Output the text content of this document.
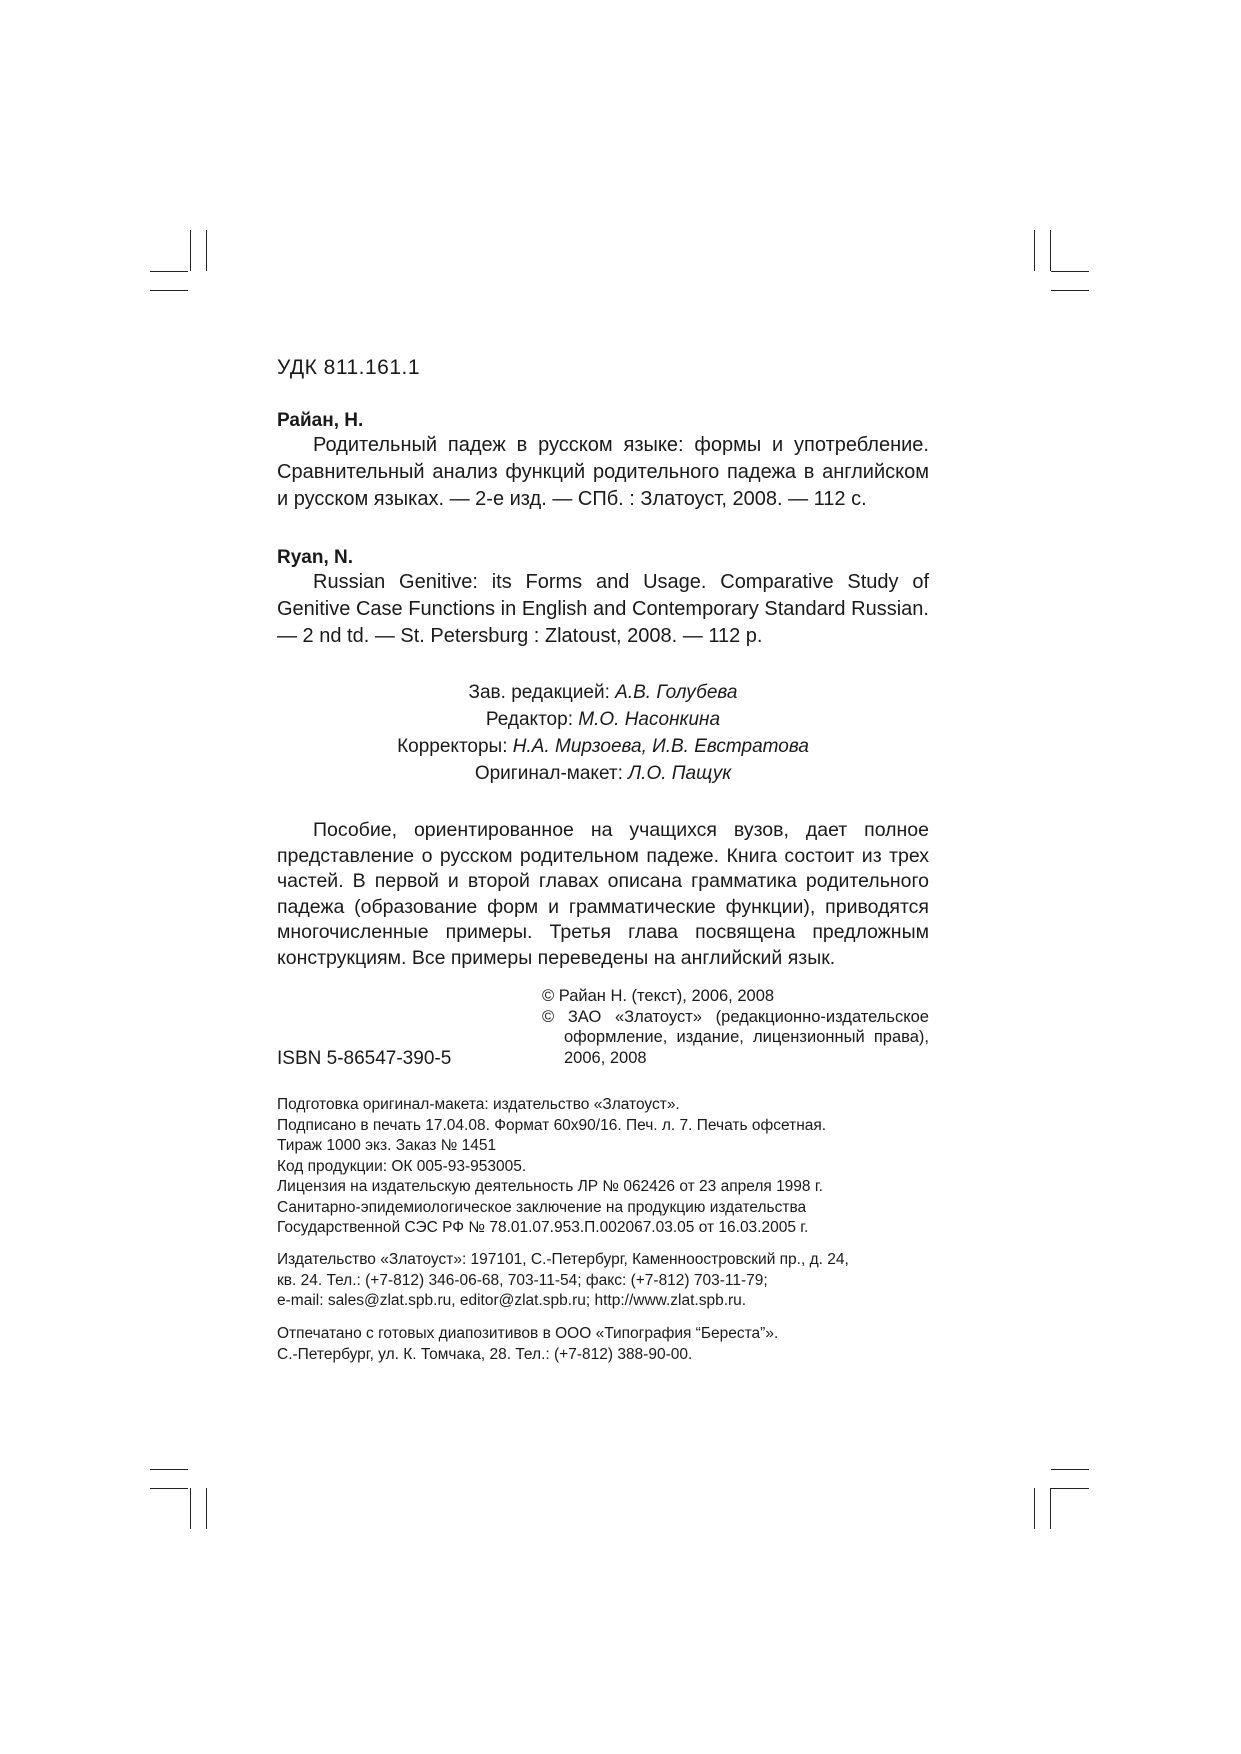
УДК 811.161.1
Райан, Н.
Родительный падеж в русском языке: формы и употребление. Сравнительный анализ функций родительного падежа в английском и русском языках. — 2-е изд. — СПб. : Златоуст, 2008. — 112 с.
Ryan, N.
Russian Genitive: its Forms and Usage. Comparative Study of Genitive Case Functions in English and Contemporary Standard Russian. — 2 nd td. — St. Petersburg : Zlatoust, 2008. — 112 p.
Зав. редакцией: А.В. Голубева
Редактор: М.О. Насонкина
Корректоры: Н.А. Мирзоева, И.В. Евстратова
Оригинал-макет: Л.О. Пащук
Пособие, ориентированное на учащихся вузов, дает полное представление о русском родительном падеже. Книга состоит из трех частей. В первой и второй главах описана грамматика родительного падежа (образование форм и грамматические функции), приводятся многочисленные примеры. Третья глава посвящена предложным конструкциям. Все примеры переведены на английский язык.
© Райан Н. (текст), 2006, 2008
© ЗАО «Златоуст» (редакционно-издательское оформление, издание, лицензионный права), 2006, 2008
ISBN 5-86547-390-5
Подготовка оригинал-макета: издательство «Златоуст».
Подписано в печать 17.04.08. Формат 60x90/16. Печ. л. 7. Печать офсетная.
Тираж 1000 экз. Заказ № 1451
Код продукции: ОК 005-93-953005.
Лицензия на издательскую деятельность ЛР № 062426 от 23 апреля 1998 г.
Санитарно-эпидемиологическое заключение на продукцию издательства
Государственной СЭС РФ № 78.01.07.953.П.002067.03.05 от 16.03.2005 г.
Издательство «Златоуст»: 197101, С.-Петербург, Каменноостровский пр., д. 24,
кв. 24. Тел.: (+7-812) 346-06-68, 703-11-54; факс: (+7-812) 703-11-79;
e-mail: sales@zlat.spb.ru, editor@zlat.spb.ru; http://www.zlat.spb.ru.
Отпечатано с готовых диапозитивов в ООО «Типография “Береста”».
С.-Петербург, ул. К. Томчака, 28. Тел.: (+7-812) 388-90-00.
